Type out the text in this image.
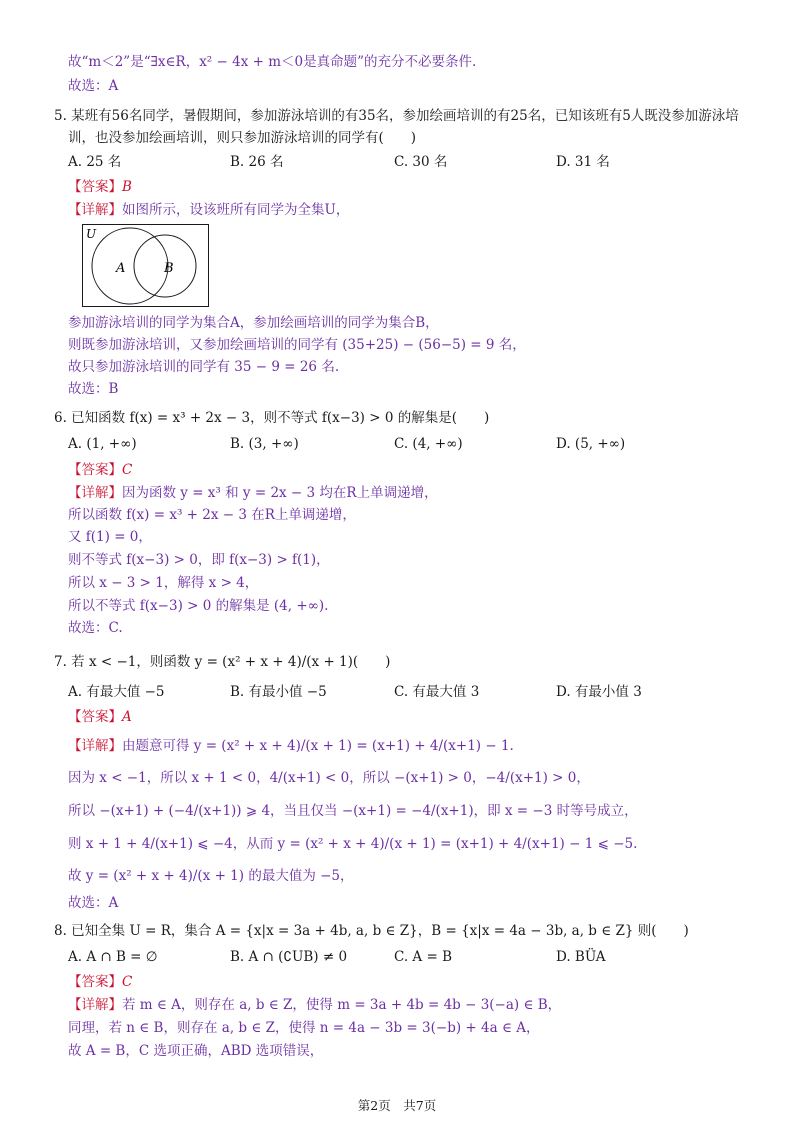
故“m＜2”是“∃x∈R，x² − 4x + m＜0是真命题”的充分不必要条件.
故选：A
5. 某班有56名同学，暑假期间，参加游泳培训的有35名，参加绘画培训的有25名，已知该班有5人既没参加游泳培
训，也没参加绘画培训，则只参加游泳培训的同学有(　　)
A. 25 名	B. 26 名	C. 30 名	D. 31 名
【答案】B
【详解】如图所示，设该班所有同学为全集U，
U
A	B
参加游泳培训的同学为集合A，参加绘画培训的同学为集合B，
则既参加游泳培训，又参加绘画培训的同学有 (35+25) − (56−5) = 9 名，
故只参加游泳培训的同学有 35 − 9 = 26 名.
故选：B
6. 已知函数 f(x) = x³ + 2x − 3，则不等式 f(x−3) > 0 的解集是(　　)
A. (1, +∞)	B. (3, +∞)	C. (4, +∞)	D. (5, +∞)
【答案】C
【详解】因为函数 y = x³ 和 y = 2x − 3 均在R上单调递增，
所以函数 f(x) = x³ + 2x − 3 在R上单调递增，
又 f(1) = 0，
则不等式 f(x−3) > 0，即 f(x−3) > f(1)，
所以 x − 3 > 1，解得 x > 4，
所以不等式 f(x−3) > 0 的解集是 (4, +∞).
故选：C.
7. 若 x < −1，则函数 y = (x² + x + 4)/(x + 1)(　　)
A. 有最大值 −5	B. 有最小值 −5	C. 有最大值 3	D. 有最小值 3
【答案】A
【详解】由题意可得 y = (x² + x + 4)/(x + 1) = (x+1) + 4/(x+1) − 1.
因为 x < −1，所以 x + 1 < 0，4/(x+1) < 0，所以 −(x+1) > 0，−4/(x+1) > 0，
所以 −(x+1) + (−4/(x+1)) ⩾ 4，当且仅当 −(x+1) = −4/(x+1)，即 x = −3 时等号成立，
则 x + 1 + 4/(x+1) ⩽ −4，从而 y = (x² + x + 4)/(x + 1) = (x+1) + 4/(x+1) − 1 ⩽ −5.
故 y = (x² + x + 4)/(x + 1) 的最大值为 −5，
故选：A
8. 已知全集 U = R，集合 A = {x|x = 3a + 4b, a, b ∈ Z}，B = {x|x = 4a − 3b, a, b ∈ Z} 则(　　)
A. A ∩ B = ∅	B. A ∩ (∁UB) ≠ 0	C. A = B	D. BÜA
【答案】C
【详解】若 m ∈ A，则存在 a, b ∈ Z，使得 m = 3a + 4b = 4b − 3(−a) ∈ B，
同理，若 n ∈ B，则存在 a, b ∈ Z，使得 n = 4a − 3b = 3(−b) + 4a ∈ A，
故 A = B，C 选项正确，ABD 选项错误，
第2页　共7页
